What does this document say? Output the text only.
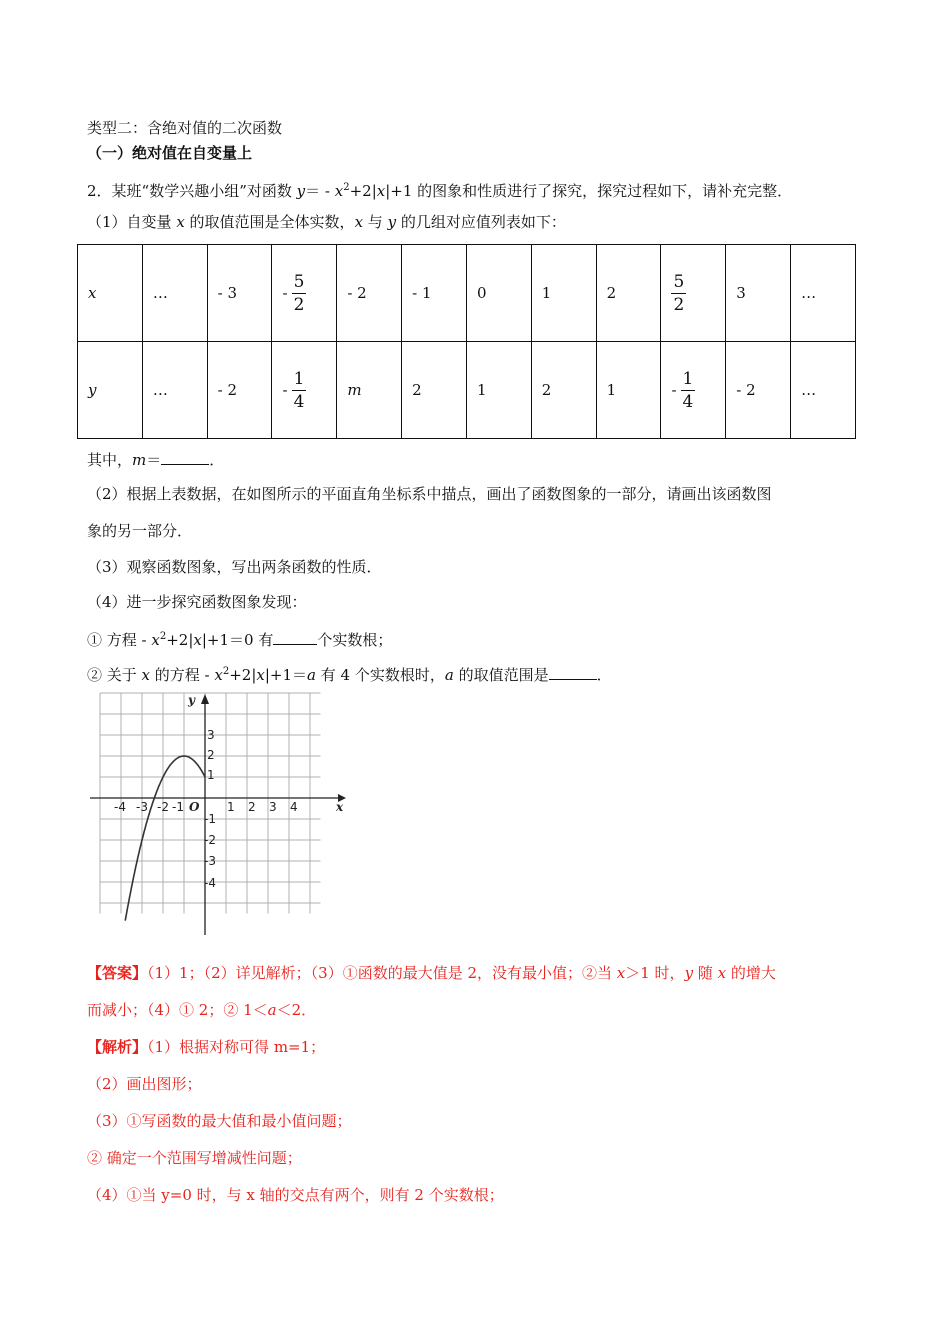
类型二：含绝对值的二次函数
（一）绝对值在自变量上
2．某班“数学兴趣小组”对函数 $y= - x^2+2|x|+1$ 的图象和性质进行了探究，探究过程如下，请补充完整．
（1）自变量 x 的取值范围是全体实数，x 与 y 的几组对应值列表如下：
x	…	- 3	- $\frac{5}{2}$	- 2	- 1	0	1	2	$\frac{5}{2}$	3	…
y	…	- 2	- $\frac{1}{4}$	m	2	1	2	1	- $\frac{1}{4}$	- 2	…
其中，m＝	．
（2）根据上表数据，在如图所示的平面直角坐标系中描点，画出了函数图象的一部分，请画出该函数图
象的另一部分．
（3）观察函数图象，写出两条函数的性质．
（4）进一步探究函数图象发现：
① 方程 - $x^2+2|x|+1=0$ 有	个实数根；
② 关于 x 的方程 - $x^2+2|x|+1=a$ 有 4 个实数根时，a 的取值范围是	．
x
y
O
-4 -3 -2 -1	1 2 3 4
3
2
1
-1
-2
-3
-4
【答案】（1）1；（2）详见解析；（3）①函数的最大值是 2，没有最小值；②当 x＞1 时，y 随 x 的增大
而减小；（4）① 2；② 1＜a＜2．
【解析】（1）根据对称可得 m=1；
（2）画出图形；
（3）①写函数的最大值和最小值问题；
② 确定一个范围写增减性问题；
（4）①当 y=0 时，与 x 轴的交点有两个，则有 2 个实数根；
